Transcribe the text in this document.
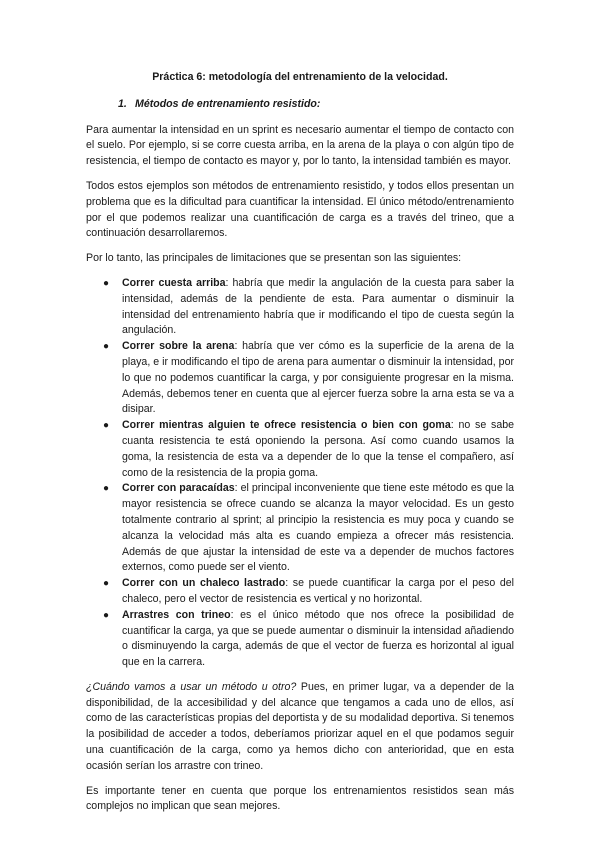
Práctica 6: metodología del entrenamiento de la velocidad.
1. Métodos de entrenamiento resistido:

Para aumentar la intensidad en un sprint es necesario aumentar el tiempo de contacto con el suelo. Por ejemplo, si se corre cuesta arriba, en la arena de la playa o con algún tipo de resistencia, el tiempo de contacto es mayor y, por lo tanto, la intensidad también es mayor.

Todos estos ejemplos son métodos de entrenamiento resistido, y todos ellos presentan un problema que es la dificultad para cuantificar la intensidad. El único método/entrenamiento por el que podemos realizar una cuantificación de carga es a través del trineo, que a continuación desarrollaremos.

Por lo tanto, las principales de limitaciones que se presentan son las siguientes:

● Correr cuesta arriba: habría que medir la angulación de la cuesta para saber la intensidad, además de la pendiente de esta. Para aumentar o disminuir la intensidad del entrenamiento habría que ir modificando el tipo de cuesta según la angulación.
● Correr sobre la arena: habría que ver cómo es la superficie de la arena de la playa, e ir modificando el tipo de arena para aumentar o disminuir la intensidad, por lo que no podemos cuantificar la carga, y por consiguiente progresar en la misma. Además, debemos tener en cuenta que al ejercer fuerza sobre la arna esta se va a disipar.
● Correr mientras alguien te ofrece resistencia o bien con goma: no se sabe cuanta resistencia te está oponiendo la persona. Así como cuando usamos la goma, la resistencia de esta va a depender de lo que la tense el compañero, así como de la resistencia de la propia goma.
● Correr con paracaídas: el principal inconveniente que tiene este método es que la mayor resistencia se ofrece cuando se alcanza la mayor velocidad. Es un gesto totalmente contrario al sprint; al principio la resistencia es muy poca y cuando se alcanza la velocidad más alta es cuando empieza a ofrecer más resistencia. Además de que ajustar la intensidad de este va a depender de muchos factores externos, como puede ser el viento.
● Correr con un chaleco lastrado: se puede cuantificar la carga por el peso del chaleco, pero el vector de resistencia es vertical y no horizontal.
● Arrastres con trineo: es el único método que nos ofrece la posibilidad de cuantificar la carga, ya que se puede aumentar o disminuir la intensidad añadiendo o disminuyendo la carga, además de que el vector de fuerza es horizontal al igual que en la carrera.

¿Cuándo vamos a usar un método u otro? Pues, en primer lugar, va a depender de la disponibilidad, de la accesibilidad y del alcance que tengamos a cada uno de ellos, así como de las características propias del deportista y de su modalidad deportiva. Si tenemos la posibilidad de acceder a todos, deberíamos priorizar aquel en el que podamos seguir una cuantificación de la carga, como ya hemos dicho con anterioridad, que en esta ocasión serían los arrastre con trineo.

Es importante tener en cuenta que porque los entrenamientos resistidos sean más complejos no implican que sean mejores.
